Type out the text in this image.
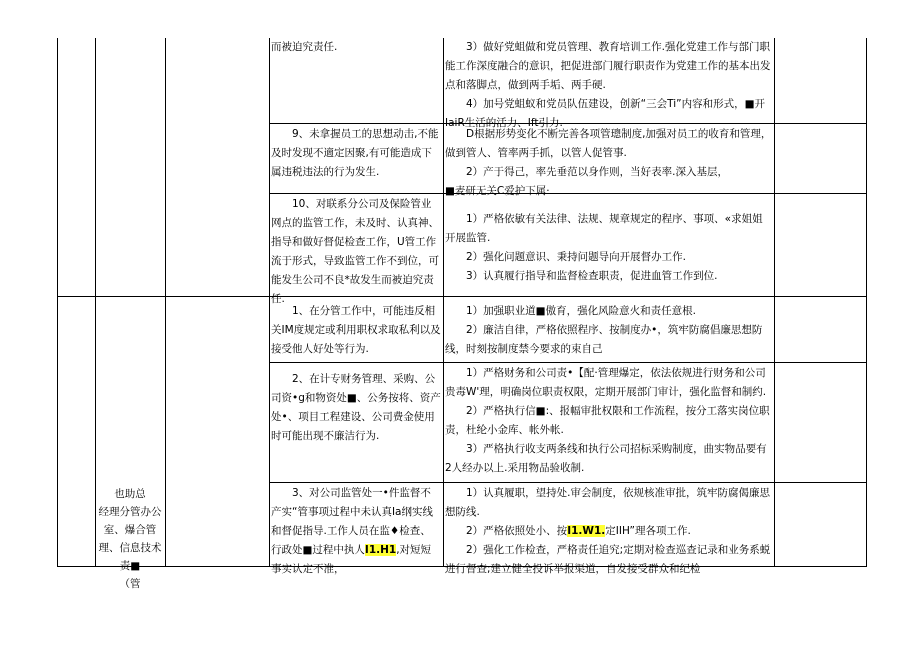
而被迫究责任.	3）做好党蛆做和党员管理、教育培训工作.强化党建工作与部门职能工作深度融合的意识，把促进部门履行职责作为党建工作的基本出发点和落脚点，做到两手垢、两手硬.

4）加号党蛆蚁和党员队伍建设，创新“三会Ti”内容和形式，■开IaiR生活的活力、Ift引力.

9、未拿握员工的思想动击,不能及时发现不適定因聚,有可能造成下属违税违法的行为发生.

D根据形势变化不断完善各项管璁制度,加强对员工的收育和管理，做到管人、管率两手抓，以管人促管事.

2）产于得己，率先垂范以身作则，当好表率.深入基层，

■麦研无关C爱护下属·

10、对联系分公司及保险管业网点的监管工作，未及时、认真神、指导和做好督促检查工作，U管工作流于形式，导致监管工作不到位，可能发生公司不良*故发生而被迫究责任.

1）严格依敏有关法律、法规、规章规定的程序、事项、«求姐姐开展监管.

2）强化问题意识、秉持问题导向开展督办工作.

3）认真履行指导和监督检查职责，促进血管工作到位.

也助总

经理分管办公室、爆合管理、信息技术责■

（管

1、在分管工作中，可能违反相关IM度规定或利用职权求取私利以及接受他人好处等行为.

1）加强职业道■傲育，强化风险意火和责任意根.

2）廉洁自律，严格依照程序、按制度办•，筑牢防腐倡廉思想防线，时刻按制度禁今要求的束自己

2、在计专财务管理、采购、公司资•g和物资处■、公务按将、资产处•、项目工程建设、公司费金使用时可能出现不廉洁行为.

1）严格财务和公司责•【配·管理爆定，依法依规进行财务和公司贵毒W'理，明确岗位职责权限，定期开展部门审计，强化监督和制约.

2）严格执行信■:、报幅审批权限和工作流程，按分工落实岗位职责，杜纶小金库、帐外帐.

3）严格执行收支两条线和执行公司招标采购制度，曲实物品要有2人经办以上.采用物品验收制.

3、对公司监管处一•件监督不产实“管事项过程中未认真Ia纲实线和督促指导.工作人员在监♦检查、行政处■过程中执人I1.H1,对短短事实认定不准，

1）认真履职，望持处.审会制度，依规核准审批，筑牢防腐偈廉思想防线.

2）严格依照处小、按I1.W1.定IIH”理各项工作.

2）强化工作检查，严格责任追究;定期对检查巡查记录和业务系蜕进行督查;建立健全投诉举报渠道，自发接受群众和纪检
